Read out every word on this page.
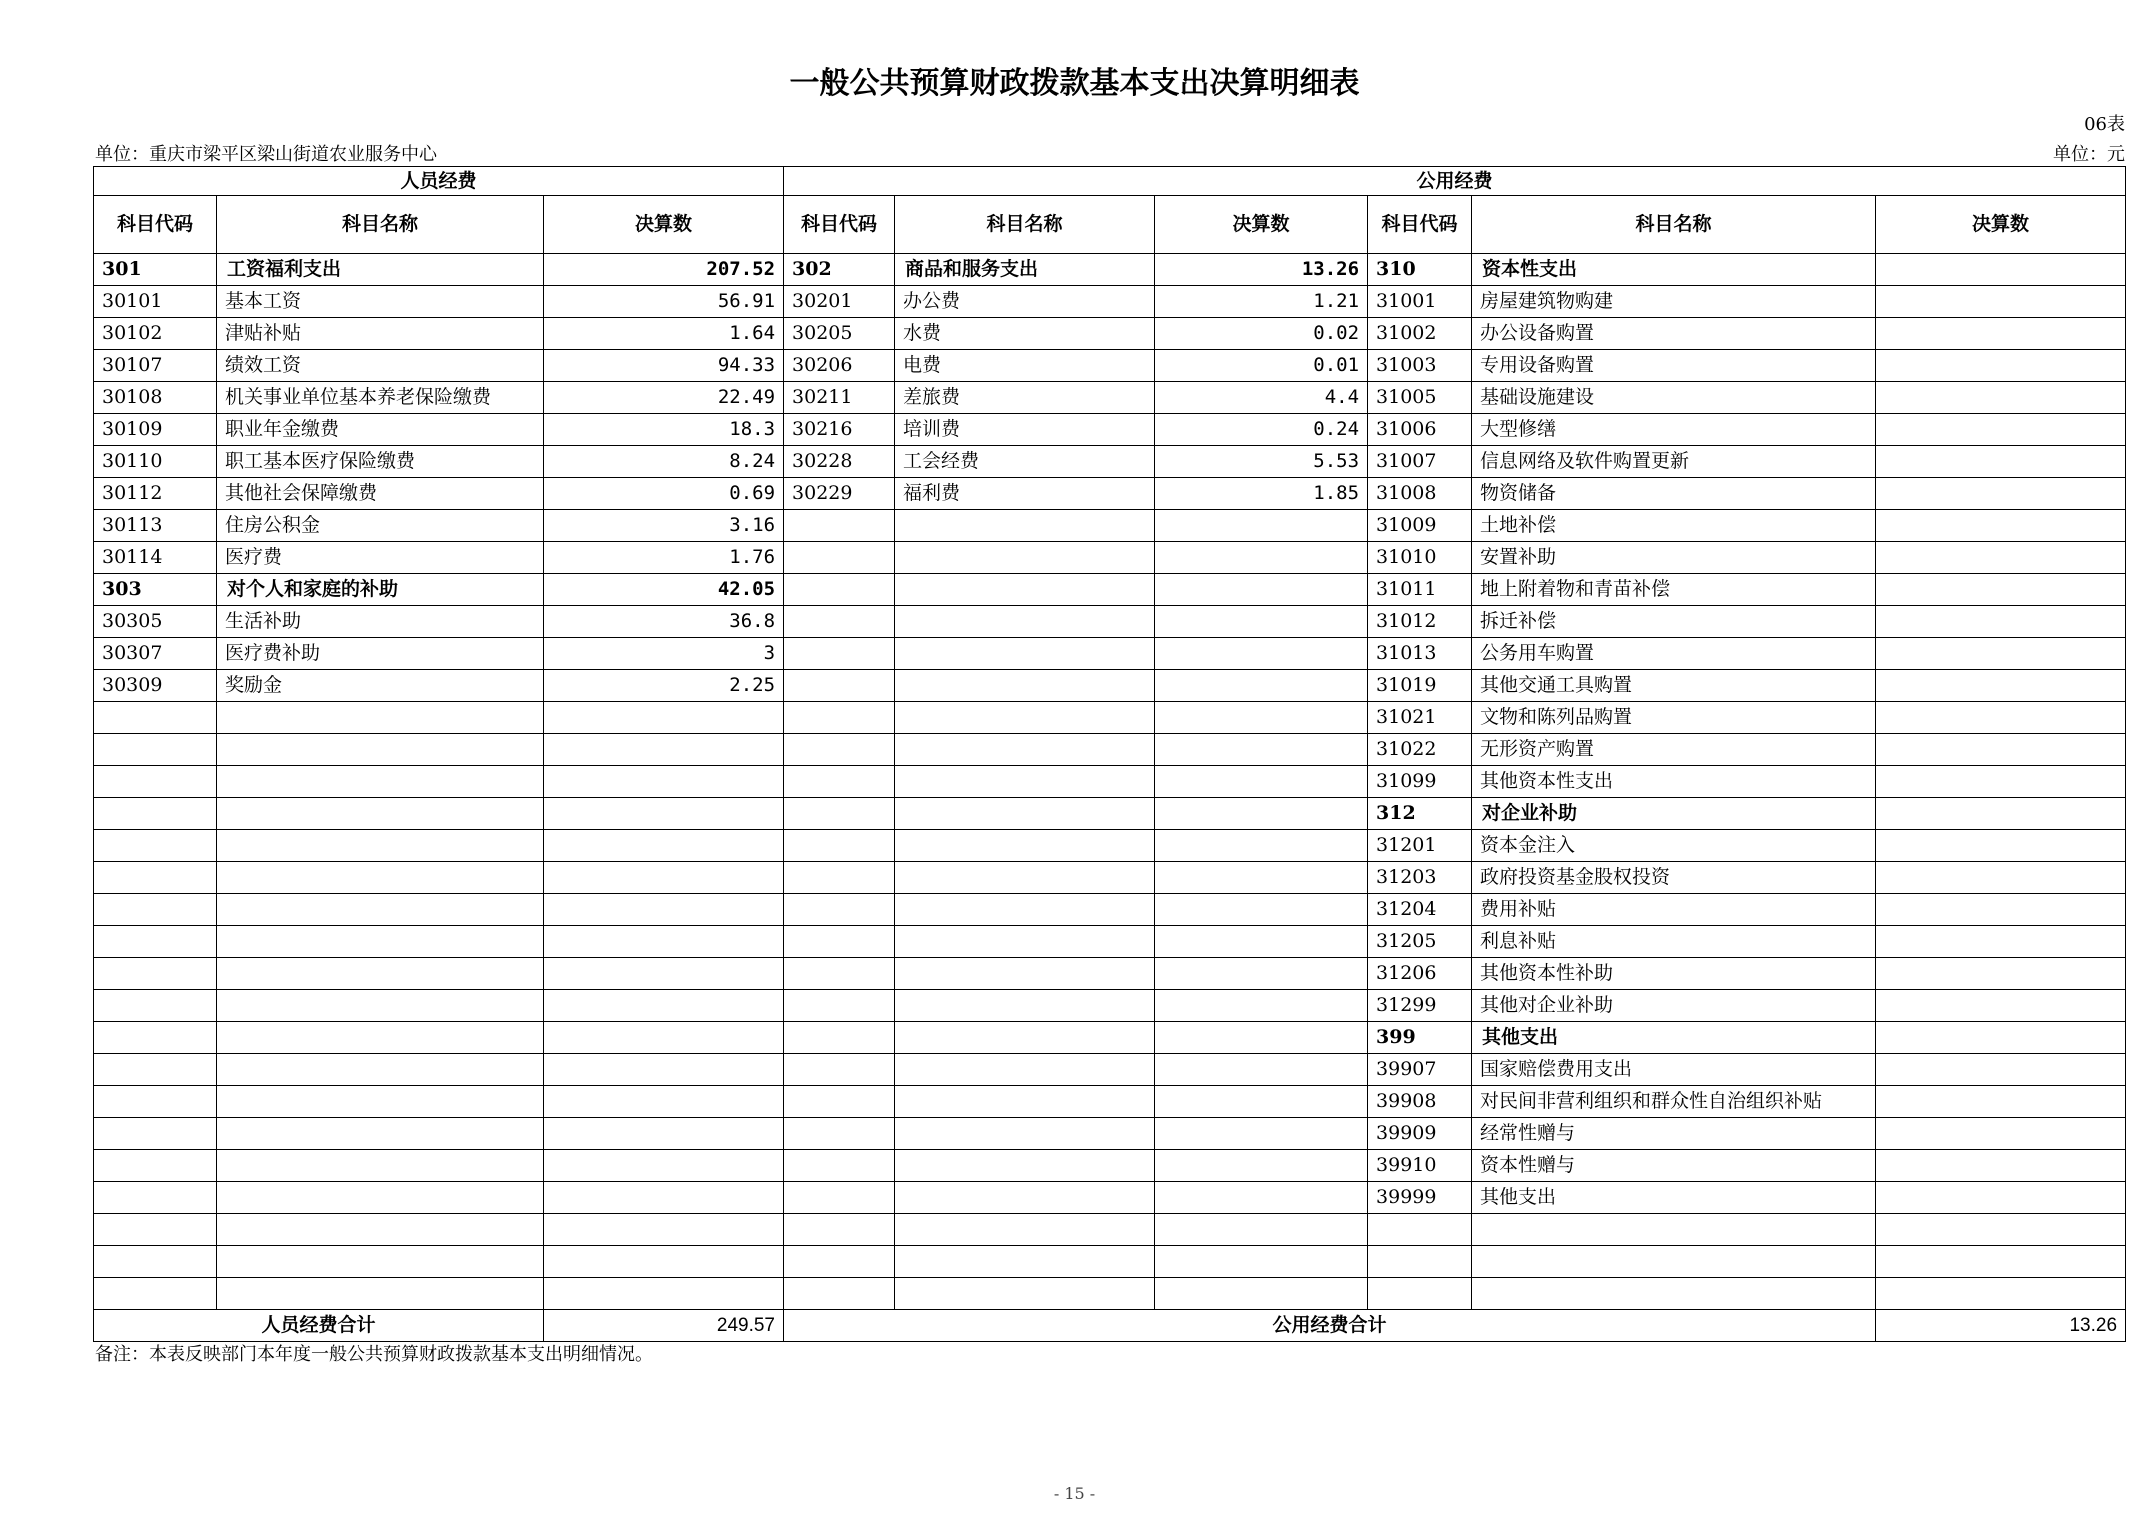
一般公共预算财政拨款基本支出决算明细表
06表
单位：重庆市梁平区梁山街道农业服务中心	单位：元
人员经费			公用经费					
科目代码	科目名称	决算数	科目代码	科目名称	决算数	科目代码	科目名称	决算数
301	工资福利支出	207.52	302	商品和服务支出	13.26	310	资本性支出	
30101	基本工资	56.91	30201	办公费	1.21	31001	房屋建筑物购建	
30102	津贴补贴	1.64	30205	水费	0.02	31002	办公设备购置	
30107	绩效工资	94.33	30206	电费	0.01	31003	专用设备购置	
30108	机关事业单位基本养老保险缴费	22.49	30211	差旅费	4.4	31005	基础设施建设	
30109	职业年金缴费	18.3	30216	培训费	0.24	31006	大型修缮	
30110	职工基本医疗保险缴费	8.24	30228	工会经费	5.53	31007	信息网络及软件购置更新	
30112	其他社会保障缴费	0.69	30229	福利费	1.85	31008	物资储备	
30113	住房公积金	3.16				31009	土地补偿	
30114	医疗费	1.76				31010	安置补助	
303	对个人和家庭的补助	42.05				31011	地上附着物和青苗补偿	
30305	生活补助	36.8				31012	拆迁补偿	
30307	医疗费补助	3				31013	公务用车购置	
30309	奖励金	2.25				31019	其他交通工具购置	
						31021	文物和陈列品购置	
						31022	无形资产购置	
						31099	其他资本性支出	
						312	对企业补助	
						31201	资本金注入	
						31203	政府投资基金股权投资	
						31204	费用补贴	
						31205	利息补贴	
						31206	其他资本性补助	
						31299	其他对企业补助	
						399	其他支出	
						39907	国家赔偿费用支出	
						39908	对民间非营利组织和群众性自治组织补贴	
						39909	经常性赠与	
						39910	资本性赠与	
						39999	其他支出	

人员经费合计		249.57	公用经费合计					13.26
备注：本表反映部门本年度一般公共预算财政拨款基本支出明细情况。
- 15 -
